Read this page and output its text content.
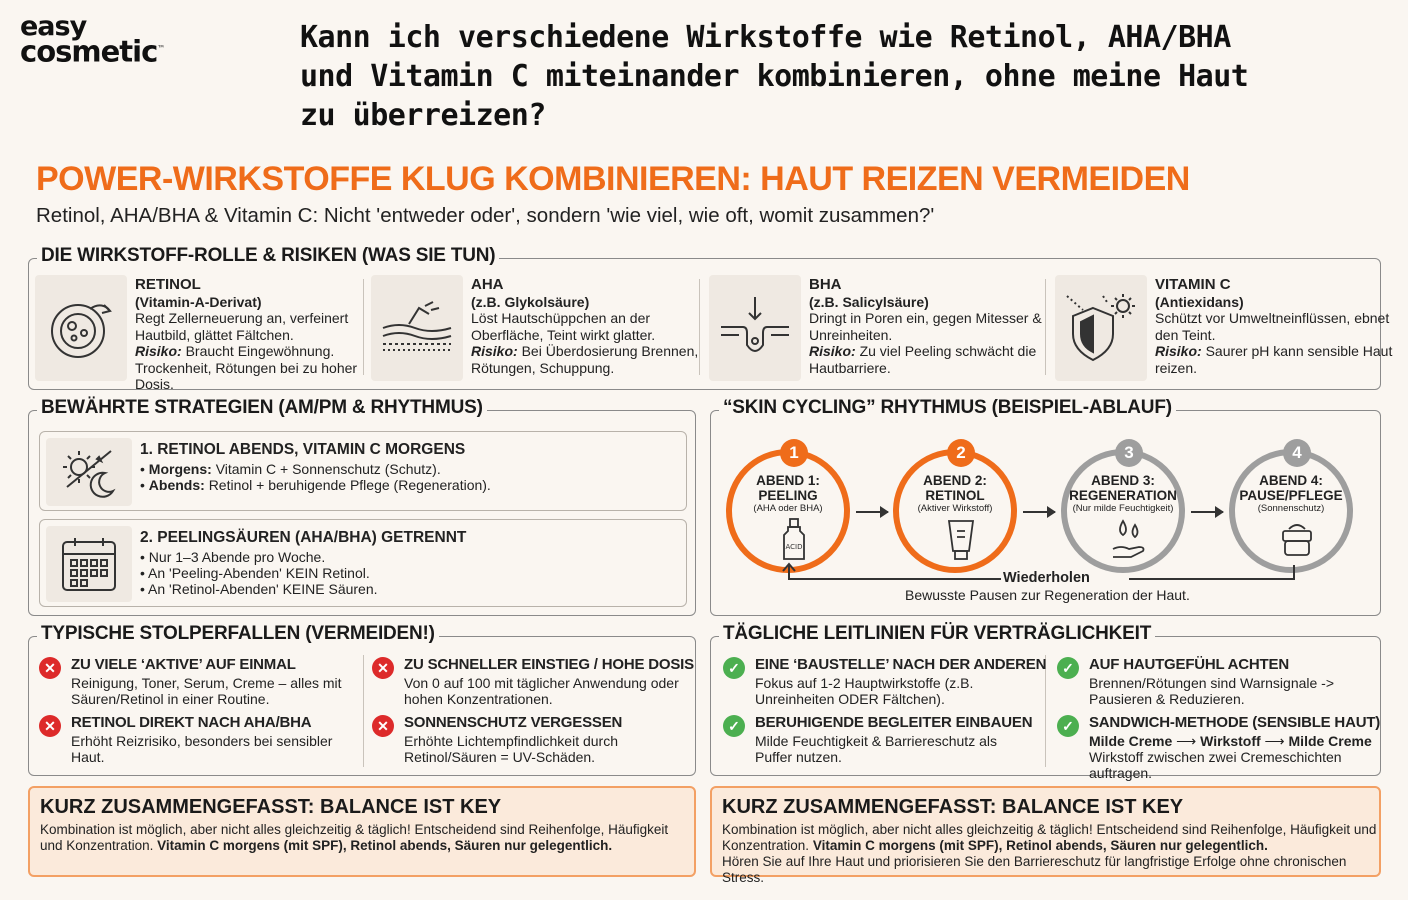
easy
cosmetic™	Kann ich verschiedene Wirkstoffe wie Retinol, AHA/BHA und Vitamin C miteinander kombinieren, ohne meine Haut zu überreizen?
POWER-WIRKSTOFFE KLUG KOMBINIEREN: HAUT REIZEN VERMEIDEN
Retinol, AHA/BHA & Vitamin C: Nicht 'entweder oder', sondern 'wie viel, wie oft, womit zusammen?'
DIE WIRKSTOFF-ROLLE & RISIKEN (WAS SIE TUN)
RETINOL
(Vitamin-A-Derivat)
Regt Zellerneuerung an, verfeinert Hautbild, glättet Fältchen.
Risiko: Braucht Eingewöhnung. Trockenheit, Rötungen bei zu hoher Dosis.
AHA
(z.B. Glykolsäure)
Löst Hautschüppchen an der Oberfläche, Teint wirkt glatter.
Risiko: Bei Überdosierung Brennen, Rötungen, Schuppung.
BHA
(z.B. Salicylsäure)
Dringt in Poren ein, gegen Mitesser & Unreinheiten.
Risiko: Zu viel Peeling schwächt die Hautbarriere.
VITAMIN C
(Antiexidans)
Schützt vor Umweltneinflüssen, ebnet den Teint.
Risiko: Saurer pH kann sensible Haut reizen.
BEWÄHRTE STRATEGIEN (AM/PM & RHYTHMUS)
1. RETINOL ABENDS, VITAMIN C MORGENS
• Morgens: Vitamin C + Sonnenschutz (Schutz).
• Abends: Retinol + beruhigende Pflege (Regeneration).
2. PEELINGSÄUREN (AHA/BHA) GETRENNT
• Nur 1–3 Abende pro Woche.
• An 'Peeling-Abenden' KEIN Retinol.
• An 'Retinol-Abenden' KEINE Säuren.
“SKIN CYCLING” RHYTHMUS (BEISPIEL-ABLAUF)
1
ABEND 1:
PEELING
(AHA oder BHA)
ACID
2
ABEND 2:
RETINOL
(Aktiver Wirkstoff)
3
ABEND 3:
REGENERATION
(Nur milde Feuchtigkeit)
4
ABEND 4:
PAUSE/PFLEGE
(Sonnenschutz)
Wiederholen
Bewusste Pausen zur Regeneration der Haut.
TYPISCHE STOLPERFALLEN (VERMEIDEN!)
✕	ZU VIELE ‘AKTIVE’ AUF EINMAL
Reinigung, Toner, Serum, Creme – alles mit Säuren/Retinol in einer Routine.
✕	ZU SCHNELLER EINSTIEG / HOHE DOSIS
Von 0 auf 100 mit täglicher Anwendung oder hohen Konzentrationen.
✕	RETINOL DIREKT NACH AHA/BHA
Erhöht Reizrisiko, besonders bei sensibler Haut.
✕	SONNENSCHUTZ VERGESSEN
Erhöhte Lichtempfindlichkeit durch Retinol/Säuren = UV-Schäden.
TÄGLICHE LEITLINIEN FÜR VERTRÄGLICHKEIT
✓	EINE ‘BAUSTELLE’ NACH DER ANDEREN
Fokus auf 1-2 Hauptwirkstoffe (z.B. Unreinheiten ODER Fältchen).
✓	AUF HAUTGEFÜHL ACHTEN
Brennen/Rötungen sind Warnsignale -> Pausieren & Reduzieren.
✓	BERUHIGENDE BEGLEITER EINBAUEN
Milde Feuchtigkeit & Barriereschutz als Puffer nutzen.
✓	SANDWICH-METHODE (SENSIBLE HAUT)
Milde Creme ⟶ Wirkstoff ⟶ Milde Creme
Wirkstoff zwischen zwei Cremeschichten auftragen.
KURZ ZUSAMMENGEFASST: BALANCE IST KEY
Kombination ist möglich, aber nicht alles gleichzeitig & täglich! Entscheidend sind Reihenfolge, Häufigkeit und Konzentration. Vitamin C morgens (mit SPF), Retinol abends, Säuren nur gelegentlich.
KURZ ZUSAMMENGEFASST: BALANCE IST KEY
Kombination ist möglich, aber nicht alles gleichzeitig & täglich! Entscheidend sind Reihenfolge, Häufigkeit und Konzentration. Vitamin C morgens (mit SPF), Retinol abends, Säuren nur gelegentlich.
Hören Sie auf Ihre Haut und priorisieren Sie den Barriereschutz für langfristige Erfolge ohne chronischen Stress.
